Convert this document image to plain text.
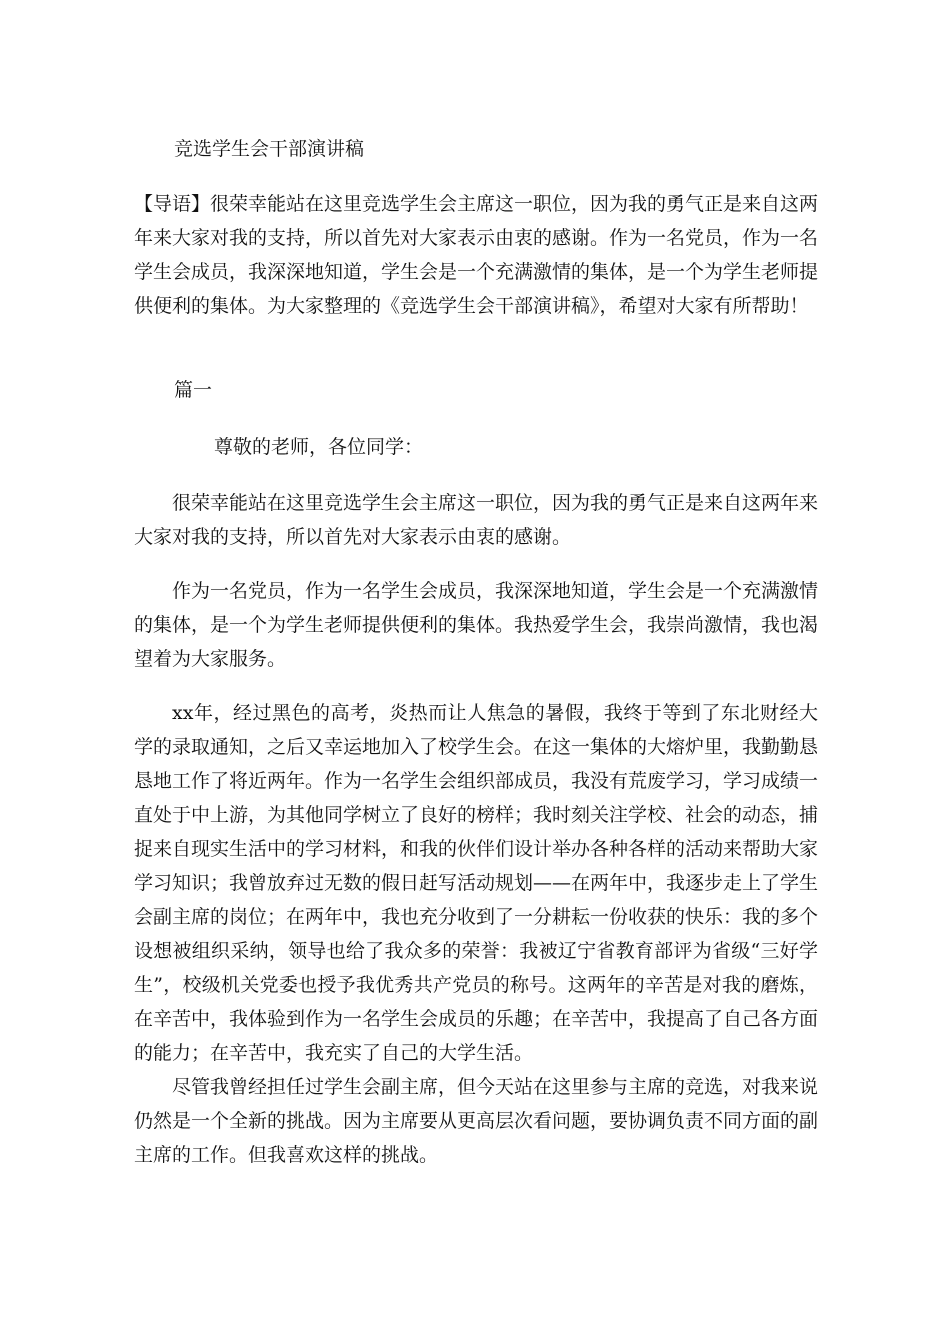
竞选学生会干部演讲稿

【导语】很荣幸能站在这里竞选学生会主席这一职位，因为我的勇气正是来自这两年来大家对我的支持，所以首先对大家表示由衷的感谢。作为一名党员，作为一名学生会成员，我深深地知道，学生会是一个充满激情的集体，是一个为学生老师提供便利的集体。为大家整理的《竞选学生会干部演讲稿》，希望对大家有所帮助！

篇一

尊敬的老师，各位同学：

很荣幸能站在这里竞选学生会主席这一职位，因为我的勇气正是来自这两年来大家对我的支持，所以首先对大家表示由衷的感谢。

作为一名党员，作为一名学生会成员，我深深地知道，学生会是一个充满激情的集体，是一个为学生老师提供便利的集体。我热爱学生会，我崇尚激情，我也渴望着为大家服务。

xx年，经过黑色的高考，炎热而让人焦急的暑假，我终于等到了东北财经大学的录取通知，之后又幸运地加入了校学生会。在这一集体的大熔炉里，我勤勤恳恳地工作了将近两年。作为一名学生会组织部成员，我没有荒废学习，学习成绩一直处于中上游，为其他同学树立了良好的榜样；我时刻关注学校、社会的动态，捕捉来自现实生活中的学习材料，和我的伙伴们设计举办各种各样的活动来帮助大家学习知识；我曾放弃过无数的假日赶写活动规划——在两年中，我逐步走上了学生会副主席的岗位；在两年中，我也充分收到了一分耕耘一份收获的快乐：我的多个设想被组织采纳，领导也给了我众多的荣誉：我被辽宁省教育部评为省级“三好学生”，校级机关党委也授予我优秀共产党员的称号。这两年的辛苦是对我的磨炼，在辛苦中，我体验到作为一名学生会成员的乐趣；在辛苦中，我提高了自己各方面的能力；在辛苦中，我充实了自己的大学生活。

尽管我曾经担任过学生会副主席，但今天站在这里参与主席的竞选，对我来说仍然是一个全新的挑战。因为主席要从更高层次看问题，要协调负责不同方面的副主席的工作。但我喜欢这样的挑战。
